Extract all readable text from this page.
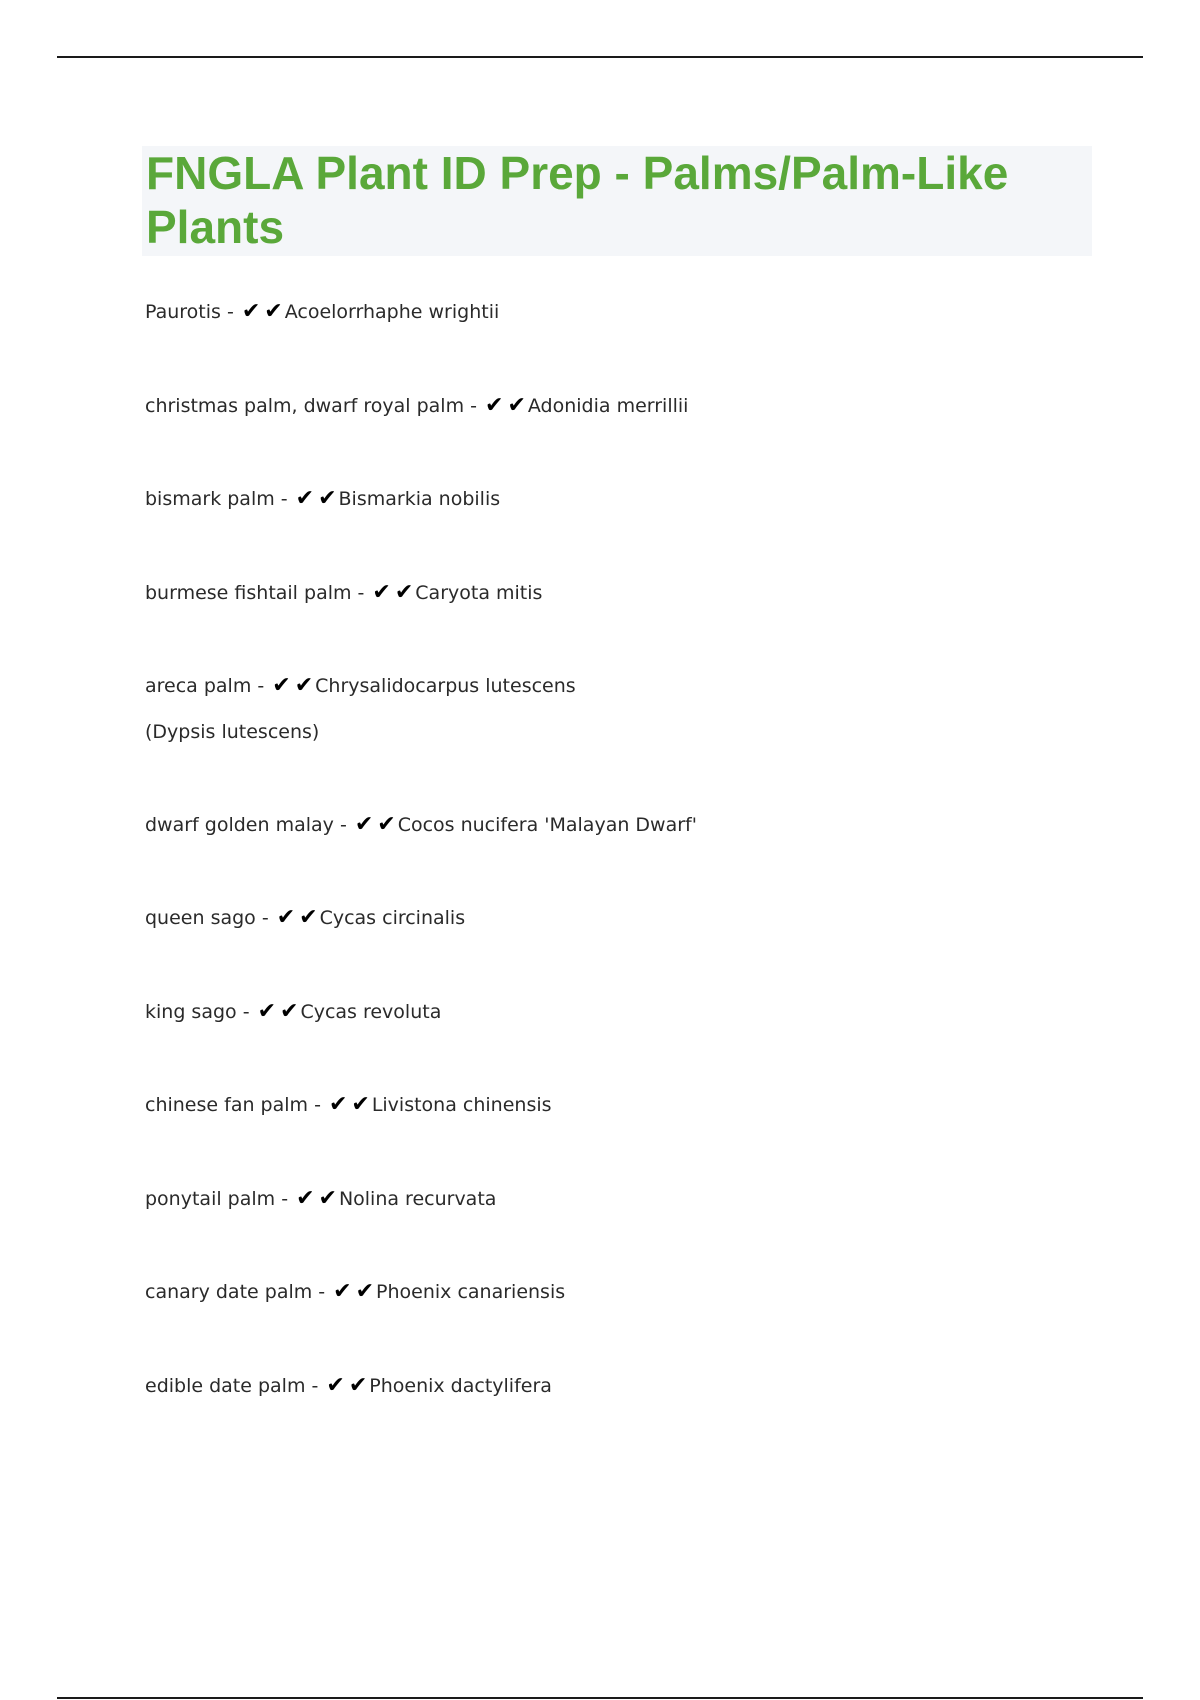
FNGLA Plant ID Prep - Palms/Palm-Like Plants
Paurotis - ✔ ✔ Acoelorrhaphe wrightii
christmas palm, dwarf royal palm - ✔ ✔ Adonidia merrillii
bismark palm - ✔ ✔ Bismarkia nobilis
burmese fishtail palm - ✔ ✔ Caryota mitis
areca palm - ✔ ✔ Chrysalidocarpus lutescens
(Dypsis lutescens)
dwarf golden malay - ✔ ✔ Cocos nucifera 'Malayan Dwarf'
queen sago - ✔ ✔ Cycas circinalis
king sago - ✔ ✔ Cycas revoluta
chinese fan palm - ✔ ✔ Livistona chinensis
ponytail palm - ✔ ✔ Nolina recurvata
canary date palm - ✔ ✔ Phoenix canariensis
edible date palm - ✔ ✔ Phoenix dactylifera
